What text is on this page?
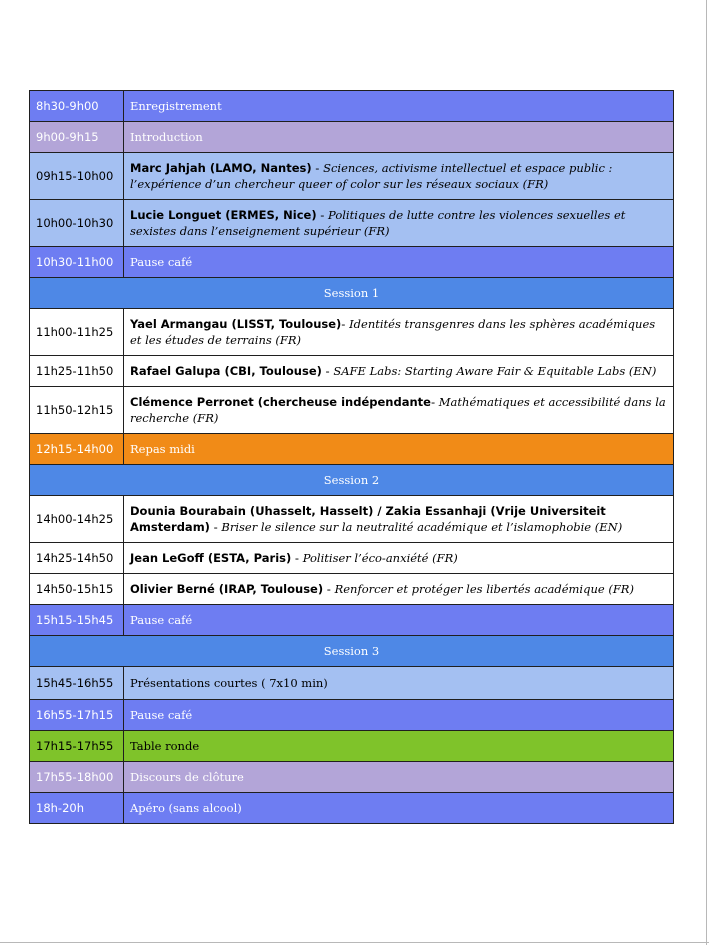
8h30-9h00	Enregistrement
9h00-9h15	Introduction
09h15-10h00	Marc Jahjah (LAMO, Nantes) - Sciences, activisme intellectuel et espace public : l’expérience d’un chercheur queer of color sur les réseaux sociaux (FR)
10h00-10h30	Lucie Longuet (ERMES, Nice) - Politiques de lutte contre les violences sexuelles et sexistes dans l’enseignement supérieur (FR)
10h30-11h00	Pause café
Session 1	
11h00-11h25	Yael Armangau (LISST, Toulouse)- Identités transgenres dans les sphères académiques et les études de terrains (FR)
11h25-11h50	Rafael Galupa (CBI, Toulouse) - SAFE Labs: Starting Aware Fair & Equitable Labs (EN)
11h50-12h15	Clémence Perronet (chercheuse indépendante- Mathématiques et accessibilité dans la recherche (FR)
12h15-14h00	Repas midi
Session 2	
14h00-14h25	Dounia Bourabain (Uhasselt, Hasselt) / Zakia Essanhaji (Vrije Universiteit Amsterdam) - Briser le silence sur la neutralité académique et l’islamophobie (EN)
14h25-14h50	Jean LeGoff (ESTA, Paris) - Politiser l’éco-anxiété (FR)
14h50-15h15	Olivier Berné (IRAP, Toulouse) - Renforcer et protéger les libertés académique (FR)
15h15-15h45	Pause café
Session 3	
15h45-16h55	Présentations courtes ( 7x10 min)
16h55-17h15	Pause café
17h15-17h55	Table ronde
17h55-18h00	Discours de clôture
18h-20h	Apéro (sans alcool)
